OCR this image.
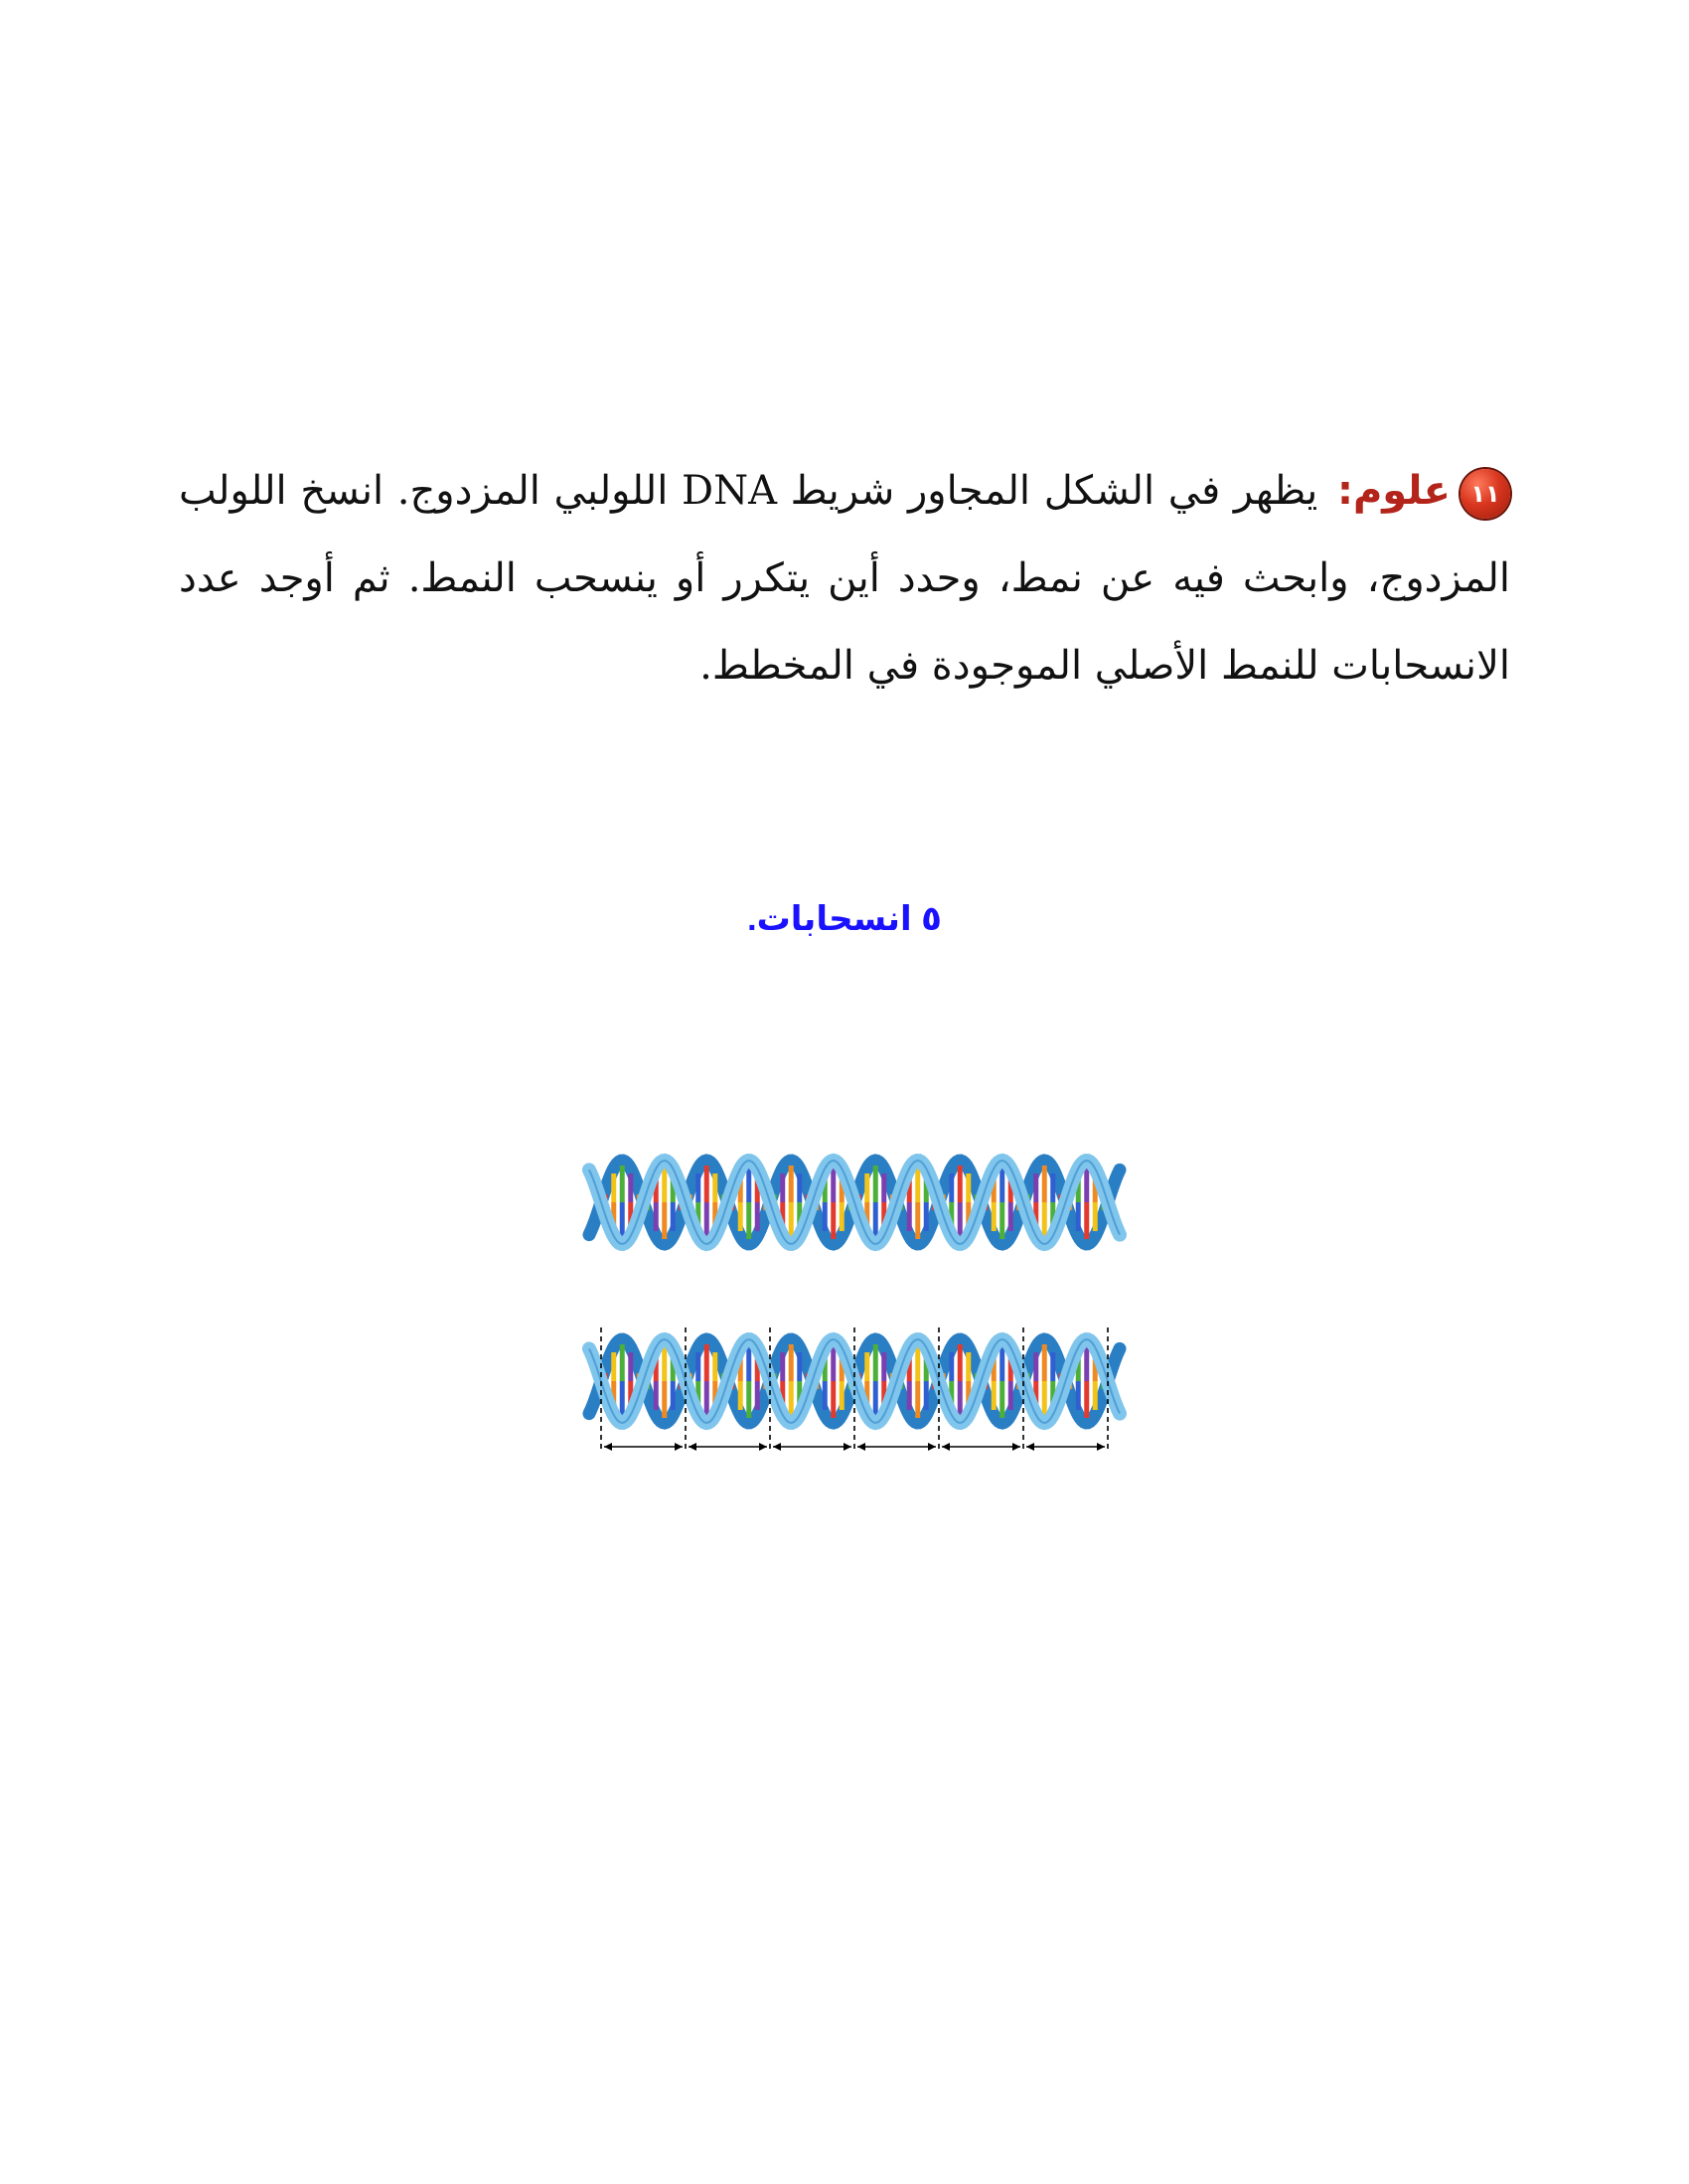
١١علوم: يظهر في الشكل المجاور شريط DNA اللولبي المزدوج. انسخ اللولب المزدوج، وابحث فيه عن نمط، وحدد أين يتكرر أو ينسحب النمط. ثم أوجد عدد الانسحابات للنمط الأصلي الموجودة في المخطط.
٥ انسحابات.
